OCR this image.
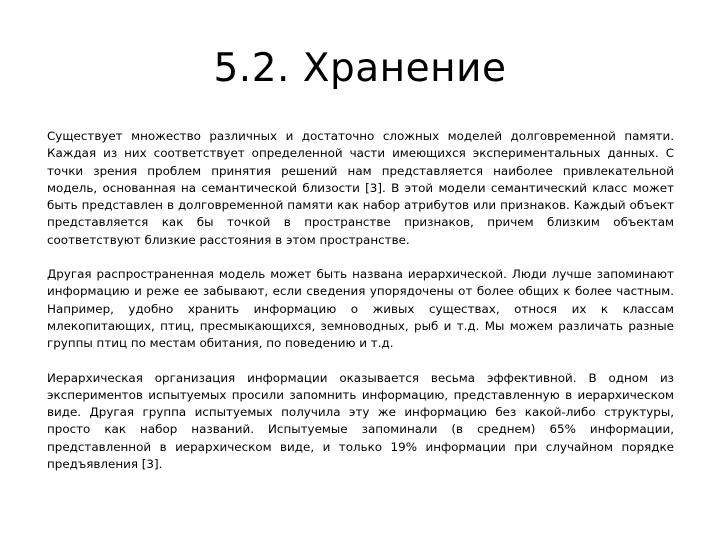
5.2. Хранение

Существует множество различных и достаточно сложных моделей долговременной памяти. Каждая из них соответствует определенной части имеющихся экспериментальных данных. С точки зрения проблем принятия решений нам представляется наиболее привлекательной модель, основанная на семантической близости [3]. В этой модели семантический класс может быть представлен в долговременной памяти как набор атрибутов или признаков. Каждый объект представляется как бы точкой в пространстве признаков, причем близким объектам соответствуют близкие расстояния в этом пространстве.

Другая распространенная модель может быть названа иерархической. Люди лучше запоминают информацию и реже ее забывают, если сведения упорядочены от более общих к более частным. Например, удобно хранить информацию о живых существах, относя их к классам млекопитающих, птиц, пресмыкающихся, земноводных, рыб и т.д. Мы можем различать разные группы птиц по местам обитания, по поведению и т.д.

Иерархическая организация информации оказывается весьма эффективной. В одном из экспериментов испытуемых просили запомнить информацию, представленную в иерархическом виде. Другая группа испытуемых получила эту же информацию без какой-либо структуры, просто как набор названий. Испытуемые запоминали (в среднем) 65% информации, представленной в иерархическом виде, и только 19% информации при случайном порядке предъявления [3].
